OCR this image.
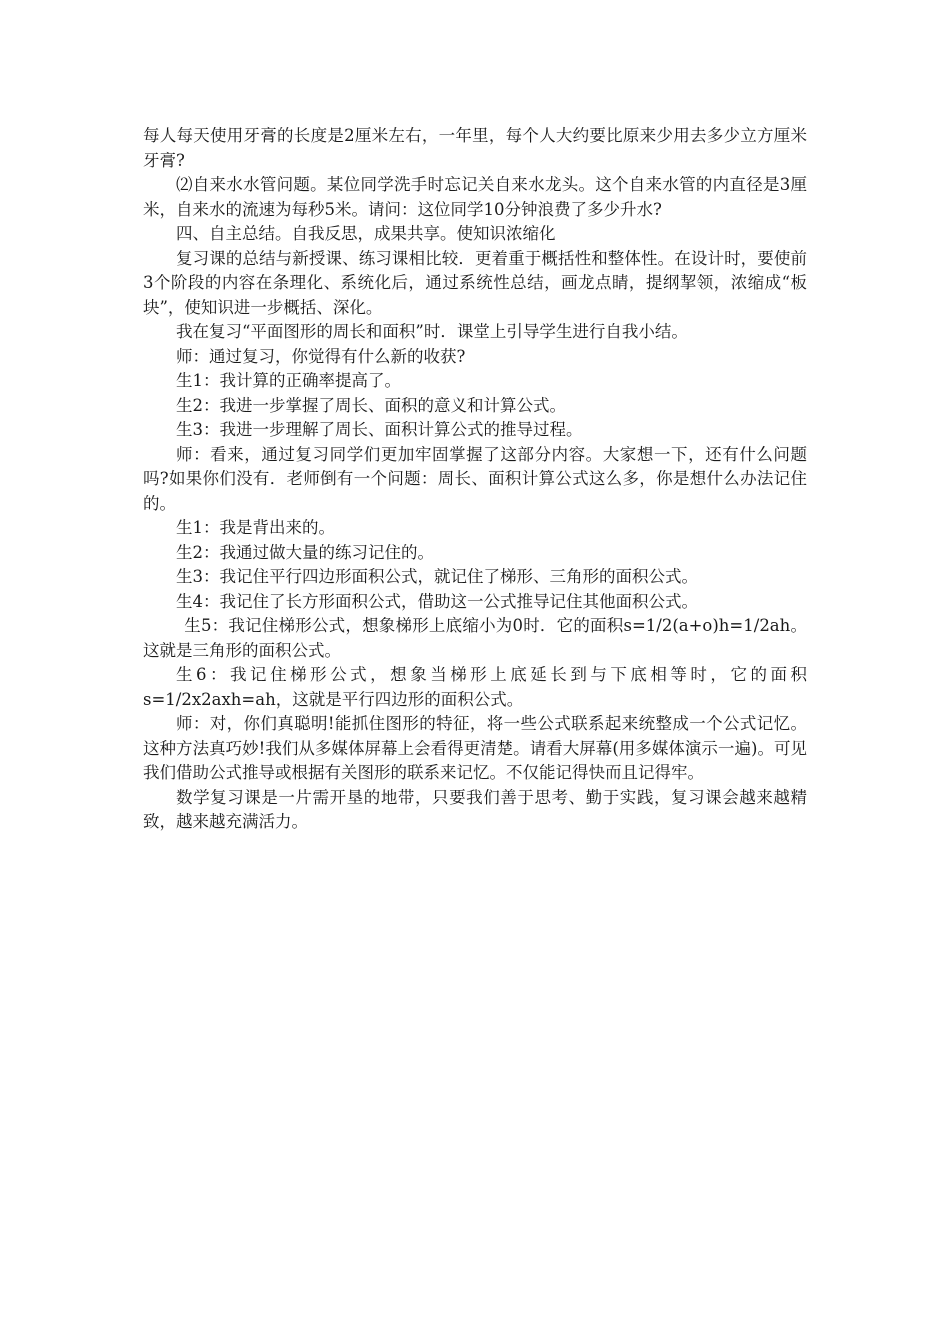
每人每天使用牙膏的长度是2厘米左右，一年里，每个人大约要比原来少用去多少立方厘米牙膏?

⑵自来水水管问题。某位同学洗手时忘记关自来水龙头。这个自来水管的内直径是3厘米，自来水的流速为每秒5米。请问：这位同学10分钟浪费了多少升水?

四、自主总结。自我反思，成果共享。使知识浓缩化

复习课的总结与新授课、练习课相比较．更着重于概括性和整体性。在设计时，要使前3个阶段的内容在条理化、系统化后，通过系统性总结，画龙点睛，提纲挈领，浓缩成“板块”，使知识进一步概括、深化。

我在复习“平面图形的周长和面积”时．课堂上引导学生进行自我小结。

师：通过复习，你觉得有什么新的收获?

生1：我计算的正确率提高了。

生2：我进一步掌握了周长、面积的意义和计算公式。

生3：我进一步理解了周长、面积计算公式的推导过程。

师：看来，通过复习同学们更加牢固掌握了这部分内容。大家想一下，还有什么问题吗?如果你们没有．老师倒有一个问题：周长、面积计算公式这么多，你是想什么办法记住的。

生1：我是背出来的。

生2：我通过做大量的练习记住的。

生3：我记住平行四边形面积公式，就记住了梯形、三角形的面积公式。

生4：我记住了长方形面积公式，借助这一公式推导记住其他面积公式。

生5：我记住梯形公式，想象梯形上底缩小为0时．它的面积s=1/2(a+o)h=1/2ah。这就是三角形的面积公式。

生6：我记住梯形公式，想象当梯形上底延长到与下底相等时，它的面积s=1/2x2axh=ah，这就是平行四边形的面积公式。

师：对，你们真聪明!能抓住图形的特征，将一些公式联系起来统整成一个公式记忆。这种方法真巧妙!我们从多媒体屏幕上会看得更清楚。请看大屏幕(用多媒体演示一遍)。可见我们借助公式推导或根据有关图形的联系来记忆。不仅能记得快而且记得牢。

数学复习课是一片需开垦的地带，只要我们善于思考、勤于实践，复习课会越来越精致，越来越充满活力。
